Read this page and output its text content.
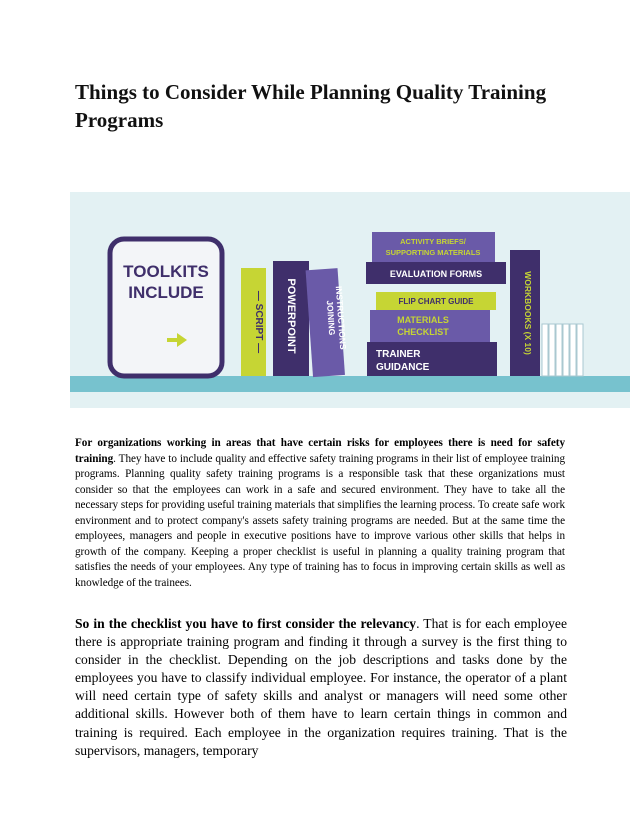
Things to Consider While Planning Quality Training Programs
TOOLKITS
INCLUDE	— SCRIPT — POWERPOINT	JOINING
INSTRUCTIONS
ACTIVITY BRIEFS/
SUPPORTING MATERIALS
EVALUATION FORMS
FLIP CHART GUIDE
MATERIALS
CHECKLIST
TRAINER
GUIDANCE
WORKBOOKS (X 10)
For organizations working in areas that have certain risks for employees there is need for safety training. They have to include quality and effective safety training programs in their list of employee training programs. Planning quality safety training programs is a responsible task that these organizations must consider so that the employees can work in a safe and secured environment. They have to take all the necessary steps for providing useful training materials that simplifies the learning process. To create safe work environment and to protect company's assets safety training programs are needed. But at the same time the employees, managers and people in executive positions have to improve various other skills that helps in growth of the company. Keeping a proper checklist is useful in planning a quality training program that satisfies the needs of your employees. Any type of training has to focus in improving certain skills as well as knowledge of the trainees.
So in the checklist you have to first consider the relevancy. That is for each employee there is appropriate training program and finding it through a survey is the first thing to consider in the checklist. Depending on the job descriptions and tasks done by the employees you have to classify individual employee. For instance, the operator of a plant will need certain type of safety skills and analyst or managers will need some other additional skills. However both of them have to learn certain things in common and training is required. Each employee in the organization requires training. That is the supervisors, managers, temporary
